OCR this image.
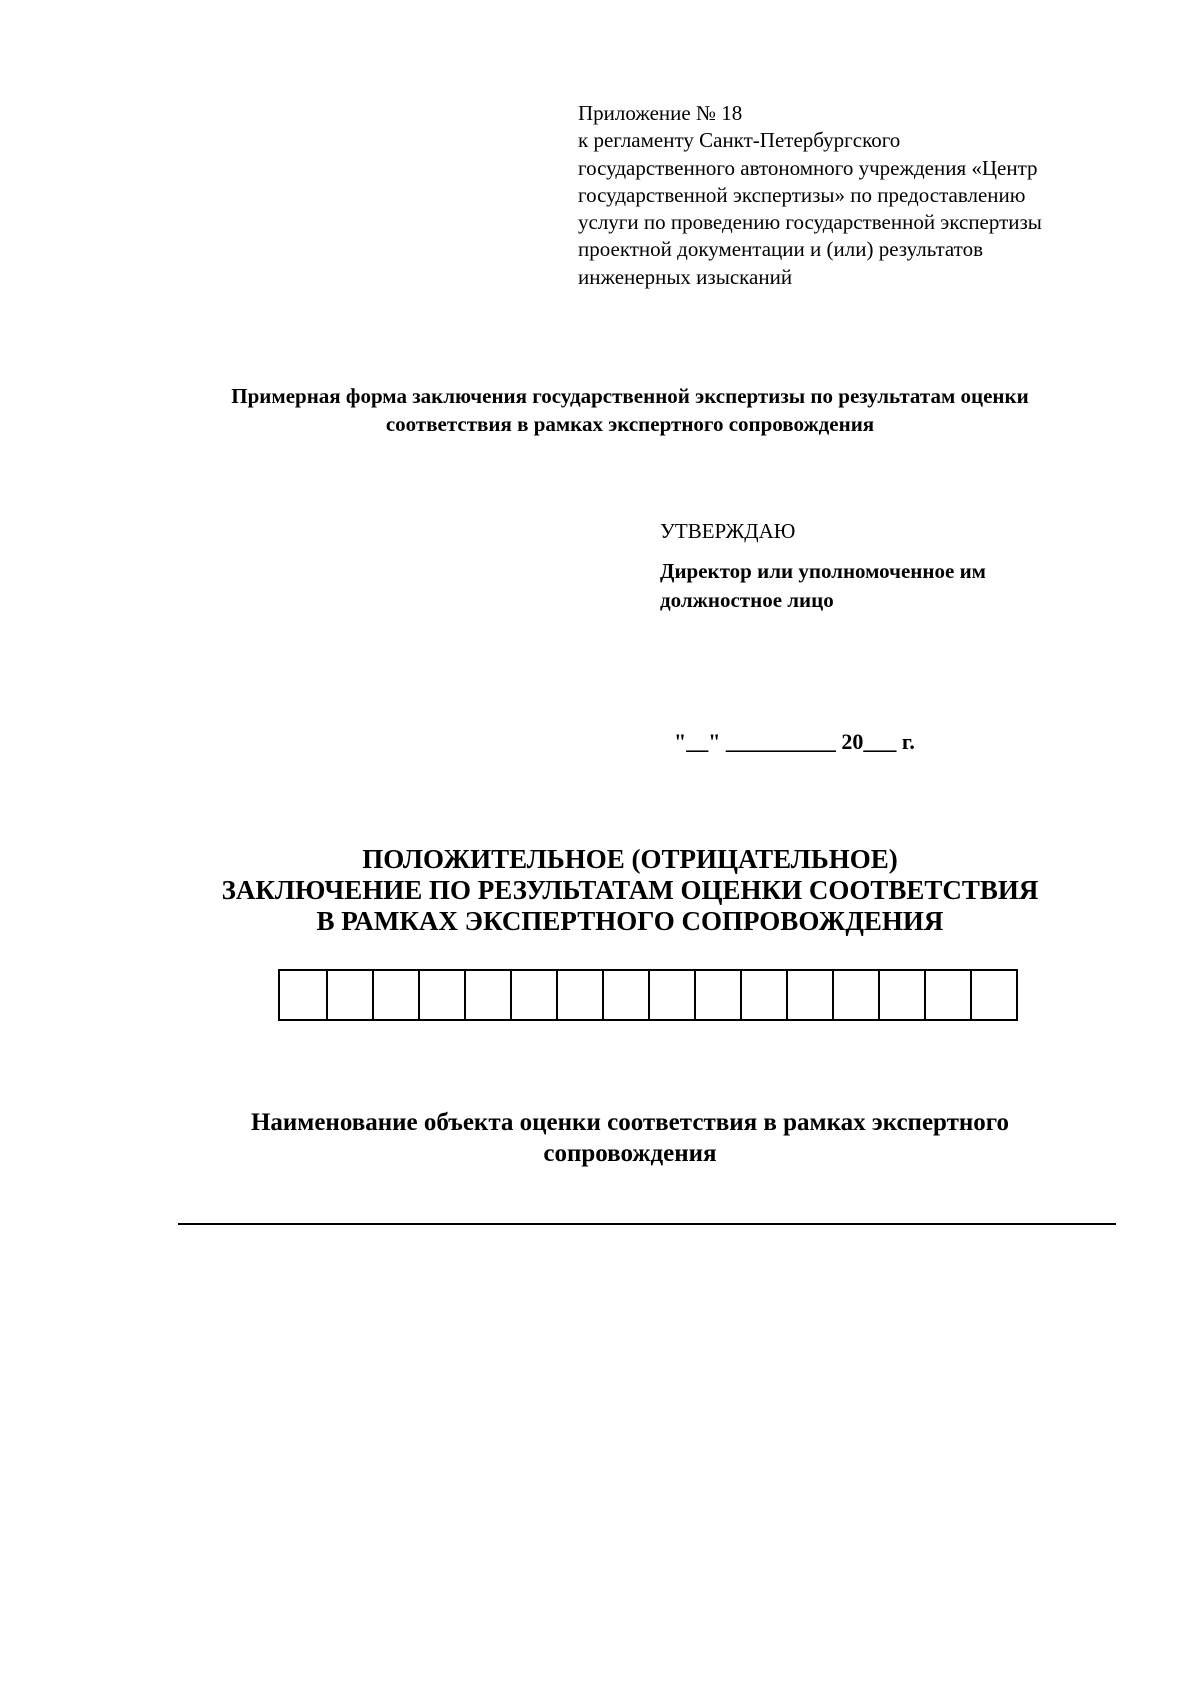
Приложение № 18
к регламенту Санкт-Петербургского
государственного автономного учреждения «Центр
государственной экспертизы» по предоставлению
услуги по проведению государственной экспертизы
проектной документации и (или) результатов
инженерных изысканий
Примерная форма заключения государственной экспертизы по результатам оценки
соответствия в рамках экспертного сопровождения
УТВЕРЖДАЮ
Директор или уполномоченное им
должностное лицо
"__" __________ 20___ г.
ПОЛОЖИТЕЛЬНОЕ (ОТРИЦАТЕЛЬНОЕ)
ЗАКЛЮЧЕНИЕ ПО РЕЗУЛЬТАТАМ ОЦЕНКИ СООТВЕТСТВИЯ
В РАМКАХ ЭКСПЕРТНОГО СОПРОВОЖДЕНИЯ
Наименование объекта оценки соответствия в рамках экспертного
сопровождения
